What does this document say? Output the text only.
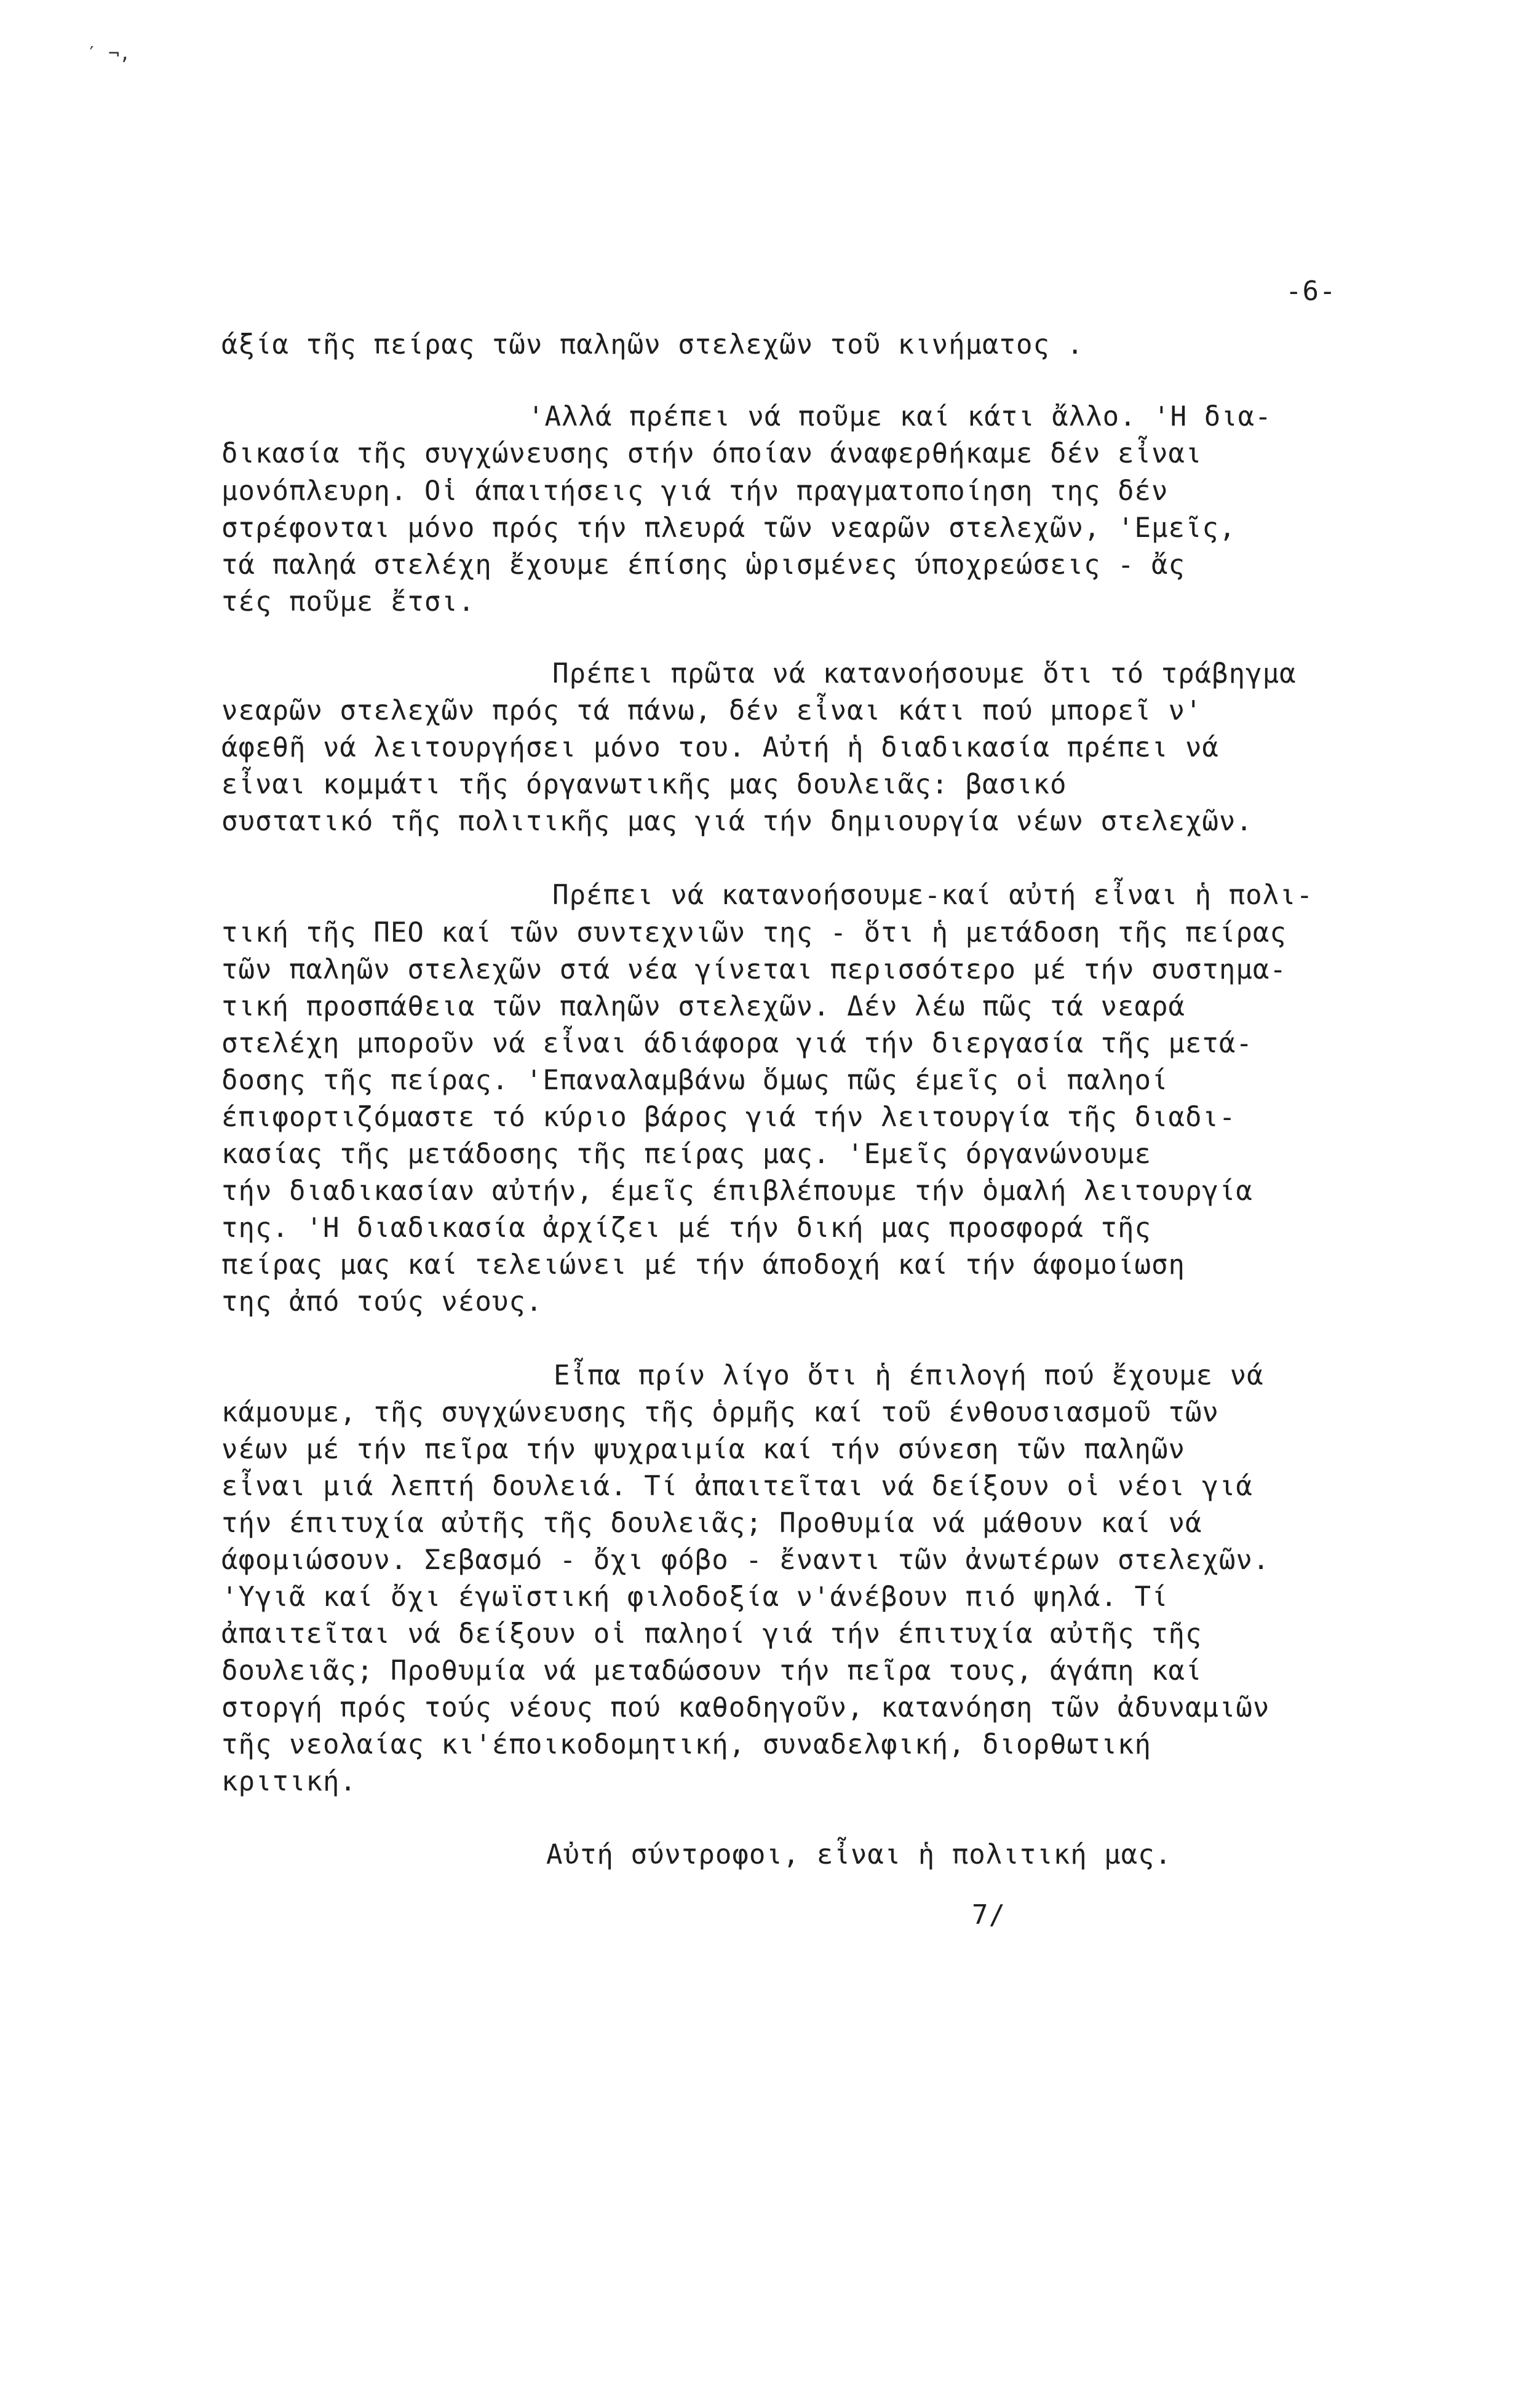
′ ¬,
-6-
άξία τῆς πείρας τῶν παληῶν στελεχῶν τοῦ κινήματος .
'Αλλά πρέπει νά ποῦμε καί κάτι ἄλλο. 'Η δια-
δικασία τῆς συγχώνευσης στήν όποίαν άναφερθήκαμε δέν εἶναι
μονόπλευρη. Οἱ άπαιτήσεις γιά τήν πραγματοποίηση της δέν
στρέφονται μόνο πρός τήν πλευρά τῶν νεαρῶν στελεχῶν, 'Εμεῖς,
τά παληά στελέχη ἔχουμε έπίσης ὡρισμένες ύποχρεώσεις - ἄς
τές ποῦμε ἔτσι.
Πρέπει πρῶτα νά κατανοήσουμε ὅτι τό τράβηγμα
νεαρῶν στελεχῶν πρός τά πάνω, δέν εἶναι κάτι πού μπορεῖ ν'
άφεθῆ νά λειτουργήσει μόνο του. Αὐτή ἡ διαδικασία πρέπει νά
εἶναι κομμάτι τῆς όργανωτικῆς μας δουλειᾶς: βασικό
συστατικό τῆς πολιτικῆς μας γιά τήν δημιουργία νέων στελεχῶν.
Πρέπει νά κατανοήσουμε-καί αὐτή εἶναι ἡ πολι-
τική τῆς ΠΕΟ καί τῶν συντεχνιῶν της - ὅτι ἡ μετάδοση τῆς πείρας
τῶν παληῶν στελεχῶν στά νέα γίνεται περισσότερο μέ τήν συστημα-
τική προσπάθεια τῶν παληῶν στελεχῶν. Δέν λέω πῶς τά νεαρά
στελέχη μποροῦν νά εἶναι άδιάφορα γιά τήν διεργασία τῆς μετά-
δοσης τῆς πείρας. 'Επαναλαμβάνω ὅμως πῶς έμεῖς οἱ παληοί
έπιφορτιζόμαστε τό κύριο βάρος γιά τήν λειτουργία τῆς διαδι-
κασίας τῆς μετάδοσης τῆς πείρας μας. 'Εμεῖς όργανώνουμε
τήν διαδικασίαν αὐτήν, έμεῖς έπιβλέπουμε τήν ὁμαλή λειτουργία
της. 'Η διαδικασία ἀρχίζει μέ τήν δική μας προσφορά τῆς
πείρας μας καί τελειώνει μέ τήν άποδοχή καί τήν άφομοίωση
της ἀπό τούς νέους.
Εἶπα πρίν λίγο ὅτι ἡ έπιλογή πού ἔχουμε νά
κάμουμε, τῆς συγχώνευσης τῆς ὁρμῆς καί τοῦ ένθουσιασμοῦ τῶν
νέων μέ τήν πεῖρα τήν ψυχραιμία καί τήν σύνεση τῶν παληῶν
εἶναι μιά λεπτή δουλειά. Τί ἀπαιτεῖται νά δείξουν οἱ νέοι γιά
τήν έπιτυχία αὐτῆς τῆς δουλειᾶς; Προθυμία νά μάθουν καί νά
άφομιώσουν. Σεβασμό - ὄχι φόβο - ἔναντι τῶν ἀνωτέρων στελεχῶν.
'Υγιᾶ καί ὄχι έγωϊστική φιλοδοξία ν'άνέβουν πιό ψηλά. Τί
ἀπαιτεῖται νά δείξουν οἱ παληοί γιά τήν έπιτυχία αὐτῆς τῆς
δουλειᾶς; Προθυμία νά μεταδώσουν τήν πεῖρα τους, άγάπη καί
στοργή πρός τούς νέους πού καθοδηγοῦν, κατανόηση τῶν ἀδυναμιῶν
τῆς νεολαίας κι'έποικοδομητική, συναδελφική, διορθωτική
κριτική.
Αὐτή σύντροφοι, εἶναι ἡ πολιτική μας.
7/
